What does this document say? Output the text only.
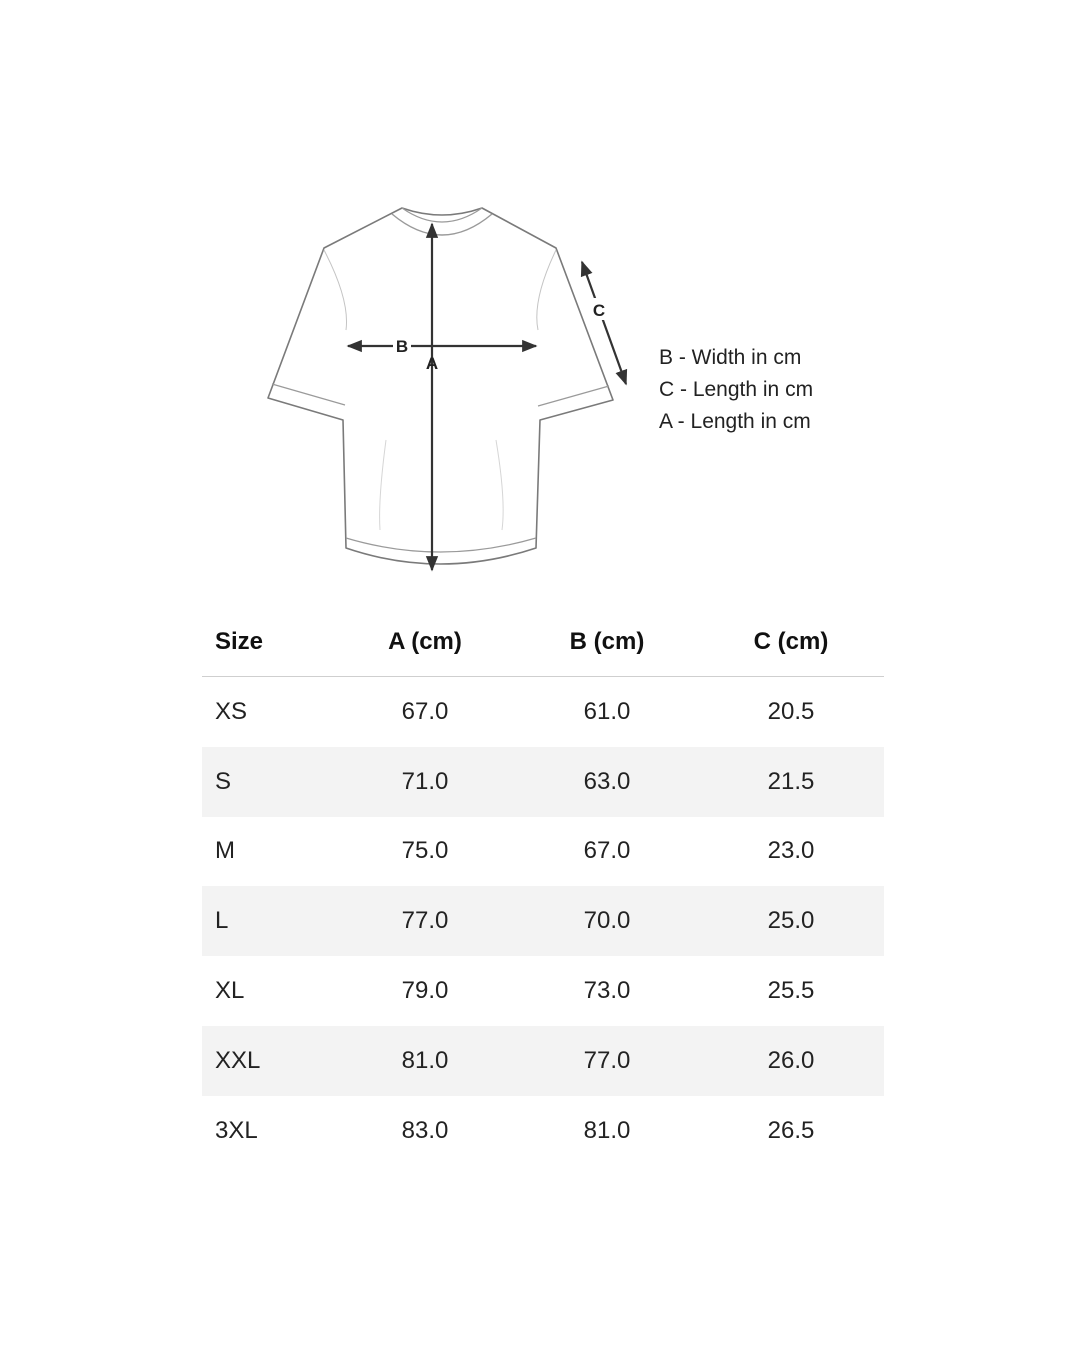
B
A
C
B - Width in cm
C - Length in cm
A - Length in cm
Size	A (cm)	B (cm)	C (cm)
XS	67.0	61.0	20.5
S	71.0	63.0	21.5
M	75.0	67.0	23.0
L	77.0	70.0	25.0
XL	79.0	73.0	25.5
XXL	81.0	77.0	26.0
3XL	83.0	81.0	26.5
